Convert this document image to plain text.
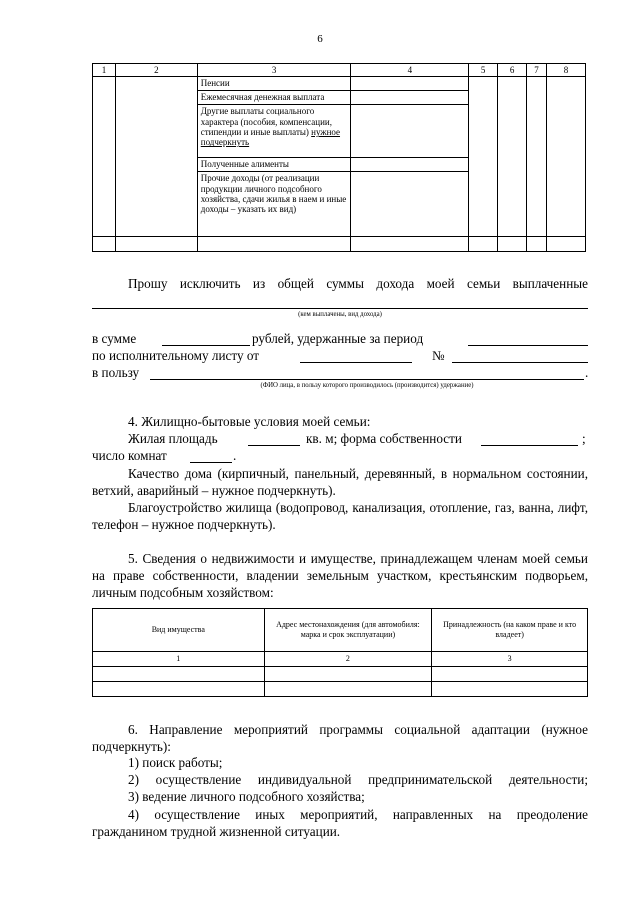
6
1	2	3	4	5	6	7	8
		Пенсии					
		Ежемесячная денежная выплата					
		Другие выплаты социального характера (пособия, компенсации, стипендии и иные выплаты) нужное подчеркнуть					
		Полученные алименты					
		Прочие доходы (от реализации продукции личного подсобного хозяйства, сдачи жилья в наем и иные доходы – указать их вид)					

Прошу исключить из общей суммы дохода моей семьи выплаченные
(кем выплачены, вид дохода)
в сумме	рублей, удержанные за период
по исполнительному листу от	№
в пользу	.
(ФИО лица, в пользу которого производилось (производится) удержание)
4. Жилищно-бытовые условия моей семьи:
Жилая площадь	кв. м; форма собственности	;
число комнат	.
Качество дома (кирпичный, панельный, деревянный, в нормальном состоянии, ветхий, аварийный – нужное подчеркнуть).
Благоустройство жилища (водопровод, канализация, отопление, газ, ванна, лифт, телефон – нужное подчеркнуть).
5. Сведения о недвижимости и имуществе, принадлежащем членам моей семьи на праве собственности, владении земельным участком, крестьянским подворьем, личным подсобным хозяйством:
Вид имущества	Адрес местонахождения (для автомобиля: марка и срок эксплуатации)	Принадлежность (на каком праве и кто владеет)
1	2	3

6. Направление мероприятий программы социальной адаптации (нужное подчеркнуть):
1) поиск работы;
2) осуществление индивидуальной предпринимательской деятельности;
3) ведение личного подсобного хозяйства;
4) осуществление иных мероприятий, направленных на преодоление гражданином трудной жизненной ситуации.
